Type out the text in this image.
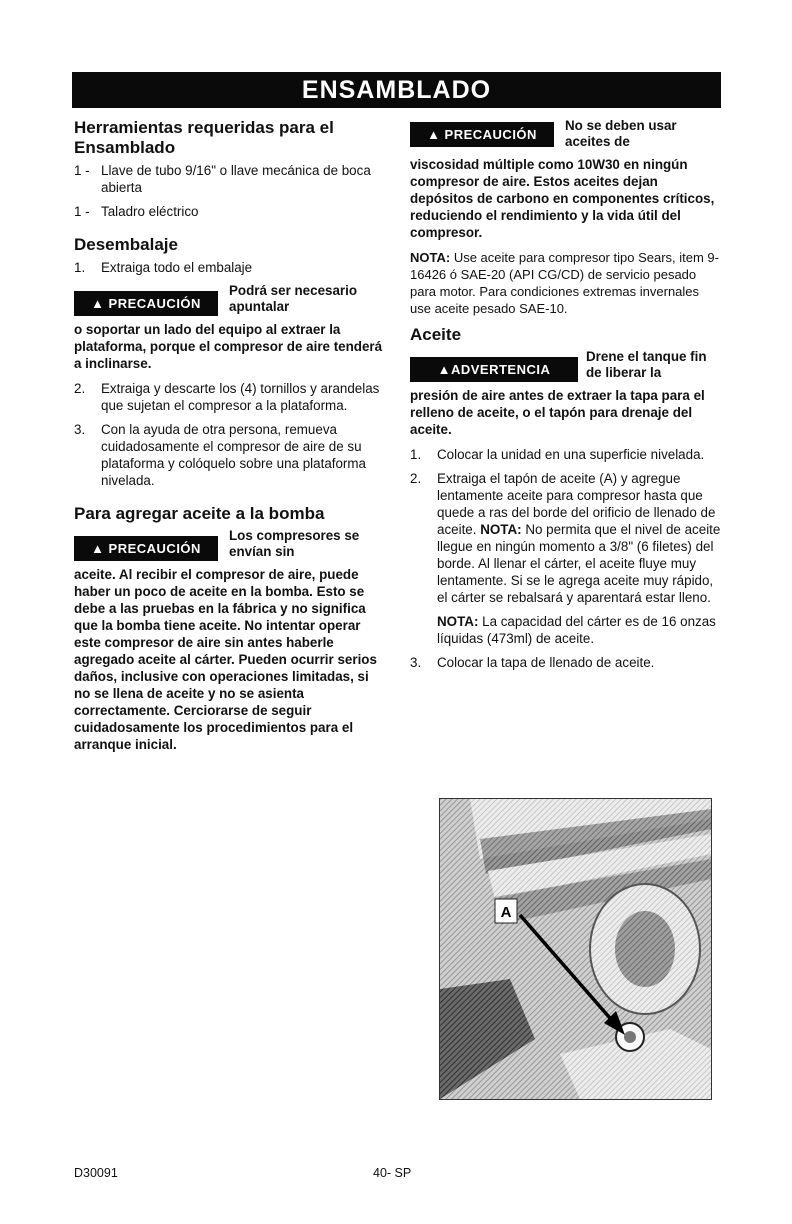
ENSAMBLADO
Herramientas requeridas para el Ensamblado
1 - Llave de tubo 9/16" o llave mecánica de boca abierta
1 - Taladro eléctrico
Desembalaje
1. Extraiga todo el embalaje
▲ PRECAUCIÓN
Podrá ser necesario apuntalar
o soportar un lado del equipo al extraer la plataforma, porque el compresor de aire tenderá a inclinarse.
2. Extraiga y descarte los (4) tornillos y arandelas que sujetan el compresor a la plataforma.
3. Con la ayuda de otra persona, remueva cuidadosamente el compresor de aire de su plataforma y colóquelo sobre una plataforma nivelada.
Para agregar aceite a la bomba
▲ PRECAUCIÓN
Los compresores se envían sin
aceite. Al recibir el compresor de aire, puede haber un poco de aceite en la bomba. Esto se debe a las pruebas en la fábrica y no significa que la bomba tiene aceite. No intentar operar este compresor de aire sin antes haberle agregado aceite al cárter. Pueden ocurrir serios daños, inclusive con operaciones limitadas, si no se llena de aceite y no se asienta correctamente. Cerciorarse de seguir cuidadosamente los procedimientos para el arranque inicial.
▲ PRECAUCIÓN
No se deben usar aceites de
viscosidad múltiple como 10W30 en ningún compresor de aire. Estos aceites dejan depósitos de carbono en componentes críticos, reduciendo el rendimiento y la vida útil del compresor.
NOTA: Use aceite para compresor tipo Sears, item 9-16426 ó SAE-20 (API CG/CD) de servicio pesado para motor. Para condiciones extremas invernales use aceite pesado SAE-10.
Aceite
▲ADVERTENCIA
Drene el tanque fin de liberar la
presión de aire antes de extraer la tapa para el relleno de aceite, o el tapón para drenaje del aceite.
1. Colocar la unidad en una superficie nivelada.
2. Extraiga el tapón de aceite (A) y agregue lentamente aceite para compresor hasta que quede a ras del borde del orificio de llenado de aceite. NOTA: No permita que el nivel de aceite llegue en ningún momento a 3/8" (6 filetes) del borde. Al llenar el cárter, el aceite fluye muy lentamente. Si se le agrega aceite muy rápido, el cárter se rebalsará y aparentará estar lleno.
NOTA: La capacidad del cárter es de 16 onzas líquidas (473ml) de aceite.
3. Colocar la tapa de llenado de aceite.
A
D30091	40- SP
